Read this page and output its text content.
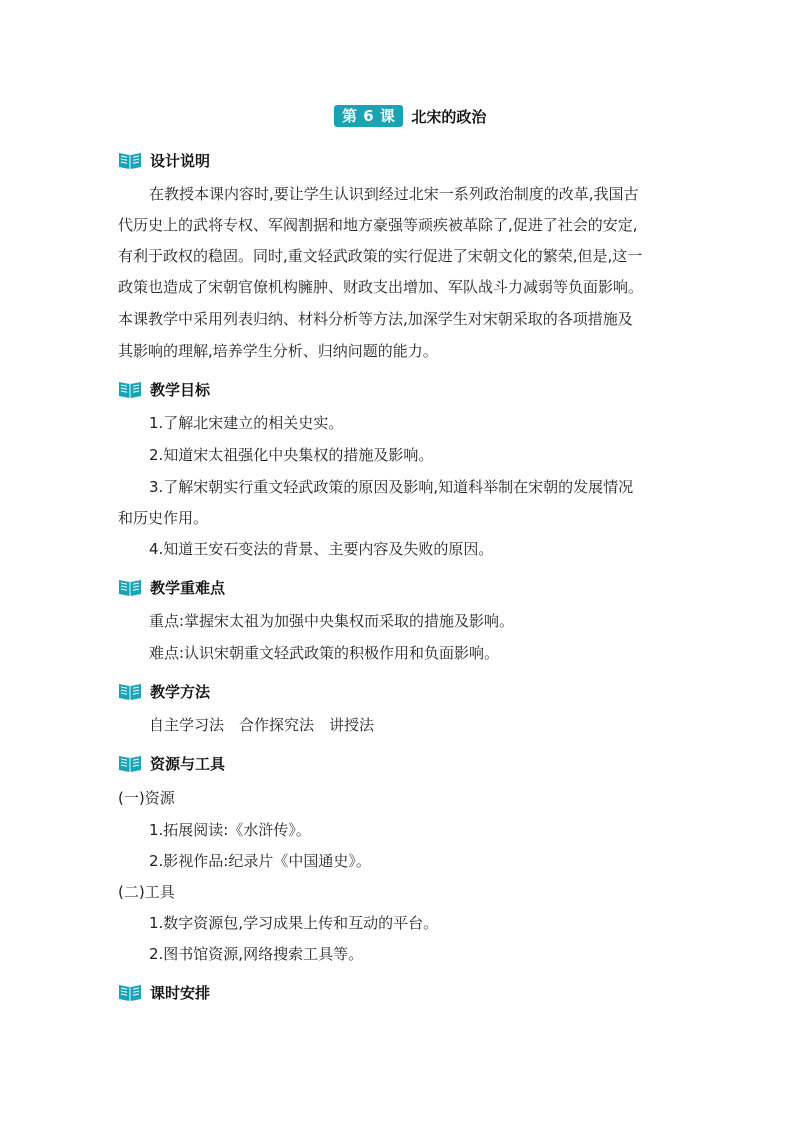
第 6 课	北宋的政治
设计说明
在教授本课内容时,要让学生认识到经过北宋一系列政治制度的改革,我国古
代历史上的武将专权、军阀割据和地方豪强等顽疾被革除了,促进了社会的安定,
有利于政权的稳固。同时,重文轻武政策的实行促进了宋朝文化的繁荣,但是,这一
政策也造成了宋朝官僚机构臃肿、财政支出增加、军队战斗力减弱等负面影响。
本课教学中采用列表归纳、材料分析等方法,加深学生对宋朝采取的各项措施及
其影响的理解,培养学生分析、归纳问题的能力。
教学目标
1.了解北宋建立的相关史实。
2.知道宋太祖强化中央集权的措施及影响。
3.了解宋朝实行重文轻武政策的原因及影响,知道科举制在宋朝的发展情况
和历史作用。
4.知道王安石变法的背景、主要内容及失败的原因。
教学重难点
重点:掌握宋太祖为加强中央集权而采取的措施及影响。
难点:认识宋朝重文轻武政策的积极作用和负面影响。
教学方法
自主学习法　合作探究法　讲授法
资源与工具
(一)资源
1.拓展阅读:《水浒传》。
2.影视作品:纪录片《中国通史》。
(二)工具
1.数字资源包,学习成果上传和互动的平台。
2.图书馆资源,网络搜索工具等。
课时安排
